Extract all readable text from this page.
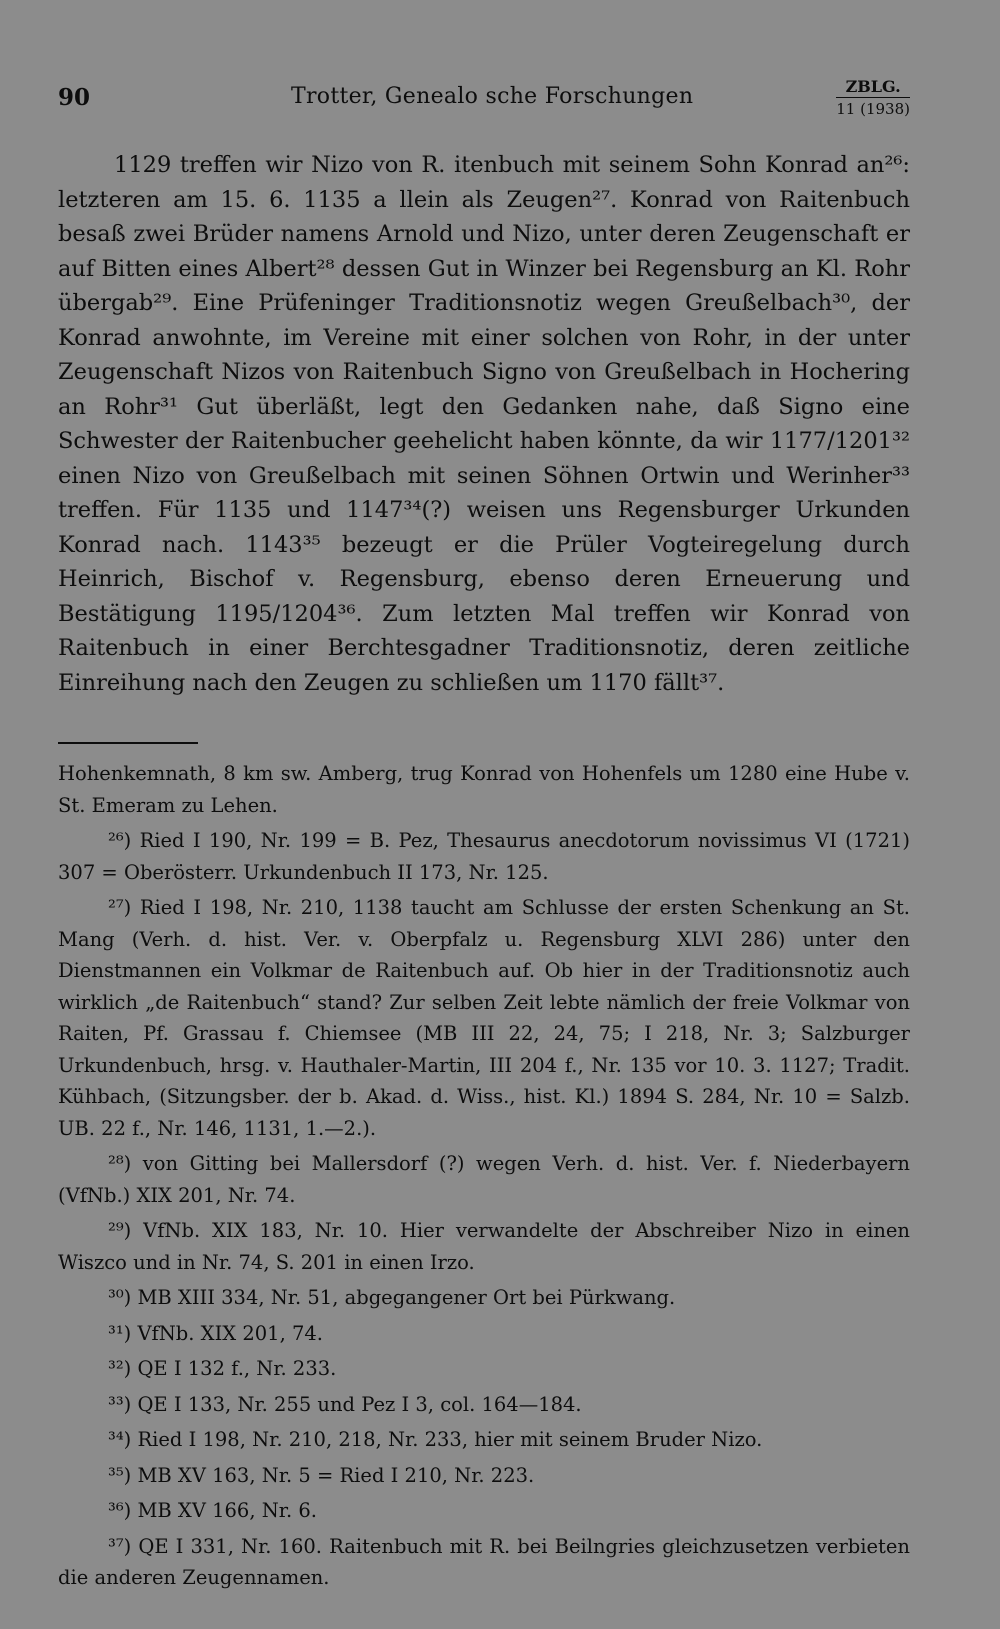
90	Trotter, Genealo sche Forschungen	ZBLG.
11 (1938)

1129 treffen wir Nizo von R. itenbuch mit seinem Sohn Konrad an²⁶: letzteren am 15. 6. 1135 a llein als Zeugen²⁷. Konrad von Raitenbuch besaß zwei Brüder namens Arnold und Nizo, unter deren Zeugenschaft er auf Bitten eines Albert²⁸ dessen Gut in Winzer bei Regensburg an Kl. Rohr übergab²⁹. Eine Prüfeninger Traditionsnotiz wegen Greußelbach³⁰, der Konrad anwohnte, im Vereine mit einer solchen von Rohr, in der unter Zeugenschaft Nizos von Raitenbuch Signo von Greußelbach in Hochering an Rohr³¹ Gut überläßt, legt den Gedanken nahe, daß Signo eine Schwester der Raitenbucher geehelicht haben könnte, da wir 1177/1201³² einen Nizo von Greußelbach mit seinen Söhnen Ortwin und Werinher³³ treffen. Für 1135 und 1147³⁴(?) weisen uns Regensburger Urkunden Konrad nach. 1143³⁵ bezeugt er die Prüler Vogteiregelung durch Heinrich, Bischof v. Regensburg, ebenso deren Erneuerung und Bestätigung 1195/1204³⁶. Zum letzten Mal treffen wir Konrad von Raitenbuch in einer Berchtesgadner Traditionsnotiz, deren zeitliche Einreihung nach den Zeugen zu schließen um 1170 fällt³⁷.

Hohenkemnath, 8 km sw. Amberg, trug Konrad von Hohenfels um 1280 eine Hube v. St. Emeram zu Lehen.

²⁶) Ried I 190, Nr. 199 = B. Pez, Thesaurus anecdotorum novissimus VI (1721) 307 = Oberösterr. Urkundenbuch II 173, Nr. 125.

²⁷) Ried I 198, Nr. 210, 1138 taucht am Schlusse der ersten Schenkung an St. Mang (Verh. d. hist. Ver. v. Oberpfalz u. Regensburg XLVI 286) unter den Dienstmannen ein Volkmar de Raitenbuch auf. Ob hier in der Traditionsnotiz auch wirklich „de Raitenbuch“ stand? Zur selben Zeit lebte nämlich der freie Volkmar von Raiten, Pf. Grassau f. Chiemsee (MB III 22, 24, 75; I 218, Nr. 3; Salzburger Urkundenbuch, hrsg. v. Hauthaler-Martin, III 204 f., Nr. 135 vor 10. 3. 1127; Tradit. Kühbach, (Sitzungsber. der b. Akad. d. Wiss., hist. Kl.) 1894 S. 284, Nr. 10 = Salzb. UB. 22 f., Nr. 146, 1131, 1.—2.).

²⁸) von Gitting bei Mallersdorf (?) wegen Verh. d. hist. Ver. f. Niederbayern (VfNb.) XIX 201, Nr. 74.

²⁹) VfNb. XIX 183, Nr. 10. Hier verwandelte der Abschreiber Nizo in einen Wiszco und in Nr. 74, S. 201 in einen Irzo.

³⁰) MB XIII 334, Nr. 51, abgegangener Ort bei Pürkwang.

³¹) VfNb. XIX 201, 74.

³²) QE I 132 f., Nr. 233.

³³) QE I 133, Nr. 255 und Pez I 3, col. 164—184.

³⁴) Ried I 198, Nr. 210, 218, Nr. 233, hier mit seinem Bruder Nizo.

³⁵) MB XV 163, Nr. 5 = Ried I 210, Nr. 223.

³⁶) MB XV 166, Nr. 6.

³⁷) QE I 331, Nr. 160. Raitenbuch mit R. bei Beilngries gleichzusetzen verbieten die anderen Zeugennamen.
